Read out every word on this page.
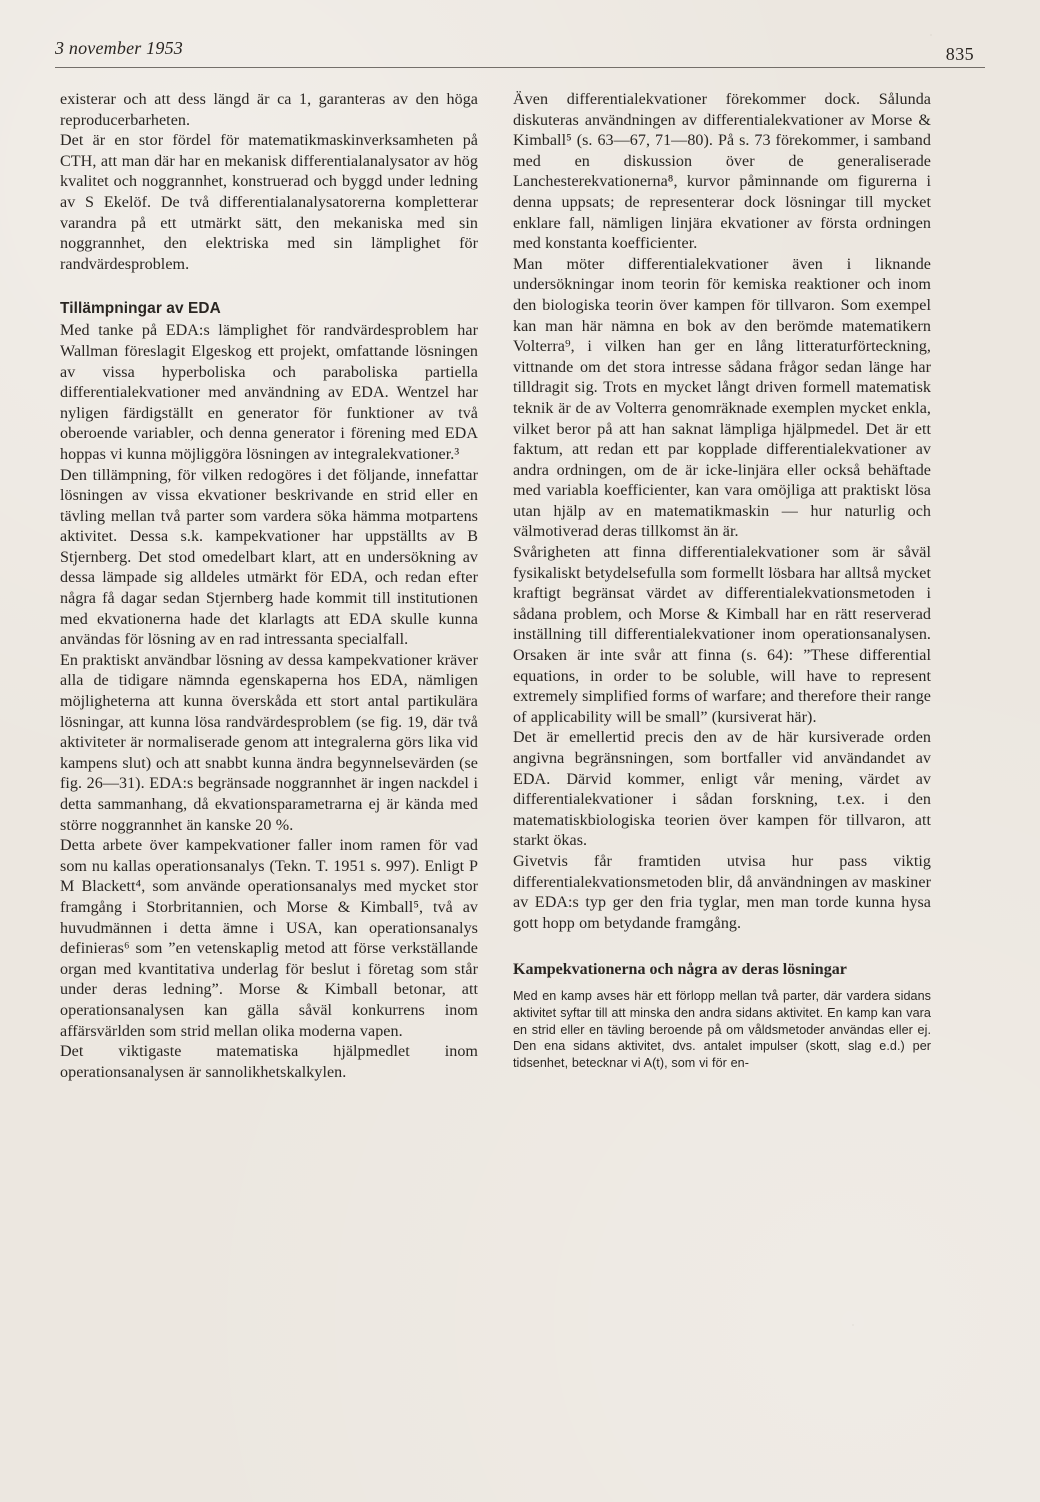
3 november 1953	835

existerar och att dess längd är ca 1, garanteras av den höga reproducerbarheten.

Det är en stor fördel för matematikmaskinverksamheten på CTH, att man där har en mekanisk differentialanalysator av hög kvalitet och noggrannhet, konstruerad och byggd under ledning av S Ekelöf. De två differentialanalysatorerna kompletterar varandra på ett utmärkt sätt, den mekaniska med sin noggrannhet, den elektriska med sin lämplighet för randvärdesproblem.

Tillämpningar av EDA

Med tanke på EDA:s lämplighet för randvärdesproblem har Wallman föreslagit Elgeskog ett projekt, omfattande lösningen av vissa hyperboliska och paraboliska partiella differentialekvationer med användning av EDA. Wentzel har nyligen färdigställt en generator för funktioner av två oberoende variabler, och denna generator i förening med EDA hoppas vi kunna möjliggöra lösningen av integralekvationer.³

Den tillämpning, för vilken redogöres i det följande, innefattar lösningen av vissa ekvationer beskrivande en strid eller en tävling mellan två parter som vardera söka hämma motpartens aktivitet. Dessa s.k. kampekvationer har uppställts av B Stjernberg. Det stod omedelbart klart, att en undersökning av dessa lämpade sig alldeles utmärkt för EDA, och redan efter några få dagar sedan Stjernberg hade kommit till institutionen med ekvationerna hade det klarlagts att EDA skulle kunna användas för lösning av en rad intressanta specialfall.

En praktiskt användbar lösning av dessa kampekvationer kräver alla de tidigare nämnda egenskaperna hos EDA, nämligen möjligheterna att kunna överskåda ett stort antal partikulära lösningar, att kunna lösa randvärdesproblem (se fig. 19, där två aktiviteter är normaliserade genom att integralerna görs lika vid kampens slut) och att snabbt kunna ändra begynnelsevärden (se fig. 26—31). EDA:s begränsade noggrannhet är ingen nackdel i detta sammanhang, då ekvationsparametrarna ej är kända med större noggrannhet än kanske 20 %.

Detta arbete över kampekvationer faller inom ramen för vad som nu kallas operationsanalys (Tekn. T. 1951 s. 997). Enligt P M Blackett⁴, som använde operationsanalys med mycket stor framgång i Storbritannien, och Morse & Kimball⁵, två av huvudmännen i detta ämne i USA, kan operationsanalys definieras⁶ som ”en vetenskaplig metod att förse verkställande organ med kvantitativa underlag för beslut i företag som står under deras ledning”. Morse & Kimball betonar, att operationsanalysen kan gälla såväl konkurrens inom affärsvärlden som strid mellan olika moderna vapen.

Det viktigaste matematiska hjälpmedlet inom operationsanalysen är sannolikhetskalkylen.

Även differentialekvationer förekommer dock. Sålunda diskuteras användningen av differentialekvationer av Morse & Kimball⁵ (s. 63—67, 71—80). På s. 73 förekommer, i samband med en diskussion över de generaliserade Lanchesterekvationerna⁸, kurvor påminnande om figurerna i denna uppsats; de representerar dock lösningar till mycket enklare fall, nämligen linjära ekvationer av första ordningen med konstanta koefficienter.

Man möter differentialekvationer även i liknande undersökningar inom teorin för kemiska reaktioner och inom den biologiska teorin över kampen för tillvaron. Som exempel kan man här nämna en bok av den berömde matematikern Volterra⁹, i vilken han ger en lång litteraturförteckning, vittnande om det stora intresse sådana frågor sedan länge har tilldragit sig. Trots en mycket långt driven formell matematisk teknik är de av Volterra genomräknade exemplen mycket enkla, vilket beror på att han saknat lämpliga hjälpmedel. Det är ett faktum, att redan ett par kopplade differentialekvationer av andra ordningen, om de är icke-linjära eller också behäftade med variabla koefficienter, kan vara omöjliga att praktiskt lösa utan hjälp av en matematikmaskin — hur naturlig och välmotiverad deras tillkomst än är.

Svårigheten att finna differentialekvationer som är såväl fysikaliskt betydelsefulla som formellt lösbara har alltså mycket kraftigt begränsat värdet av differentialekvationsmetoden i sådana problem, och Morse & Kimball har en rätt reserverad inställning till differentialekvationer inom operationsanalysen. Orsaken är inte svår att finna (s. 64): ”These differential equations, in order to be soluble, will have to represent extremely simplified forms of warfare; and therefore their range of applicability will be small” (kursiverat här).

Det är emellertid precis den av de här kursiverade orden angivna begränsningen, som bortfaller vid användandet av EDA. Därvid kommer, enligt vår mening, värdet av differentialekvationer i sådan forskning, t.ex. i den matematiskbiologiska teorien över kampen för tillvaron, att starkt ökas.

Givetvis får framtiden utvisa hur pass viktig differentialekvationsmetoden blir, då användningen av maskiner av EDA:s typ ger den fria tyglar, men man torde kunna hysa gott hopp om betydande framgång.

Kampekvationerna och några av deras lösningar

Med en kamp avses här ett förlopp mellan två parter, där vardera sidans aktivitet syftar till att minska den andra sidans aktivitet. En kamp kan vara en strid eller en tävling beroende på om våldsmetoder användas eller ej. Den ena sidans aktivitet, dvs. antalet impulser (skott, slag e.d.) per tidsenhet, betecknar vi A(t), som vi för en-
